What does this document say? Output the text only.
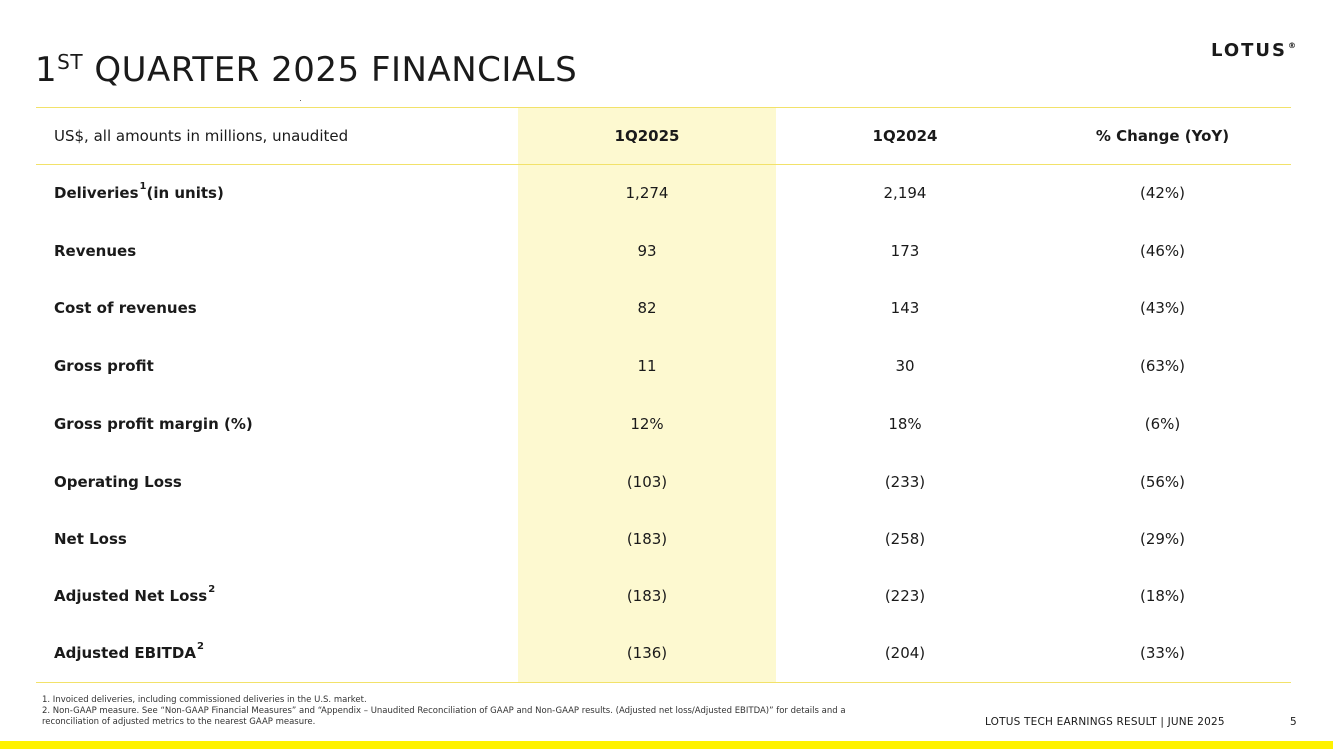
1ST QUARTER 2025 FINANCIALS	LOTUS®
US$, all amounts in millions, unaudited	1Q2025	1Q2024	% Change (YoY)
Deliveries 1 (in units)	1,274	2,194	(42%)
Revenues	93	173	(46%)
Cost of revenues	82	143	(43%)
Gross profit	11	30	(63%)
Gross profit margin (%)	12%	18%	(6%)
Operating Loss	(103)	(233)	(56%)
Net Loss	(183)	(258)	(29%)
Adjusted Net Loss 2	(183)	(223)	(18%)
Adjusted EBITDA 2	(136)	(204)	(33%)
1. Invoiced deliveries, including commissioned deliveries in the U.S. market.
2. Non-GAAP measure. See “Non-GAAP Financial Measures” and “Appendix – Unaudited Reconciliation of GAAP and Non-GAAP results. (Adjusted net loss/Adjusted EBITDA)” for details and a reconciliation of adjusted metrics to the nearest GAAP measure.	LOTUS TECH EARNINGS RESULT | JUNE 2025	5
